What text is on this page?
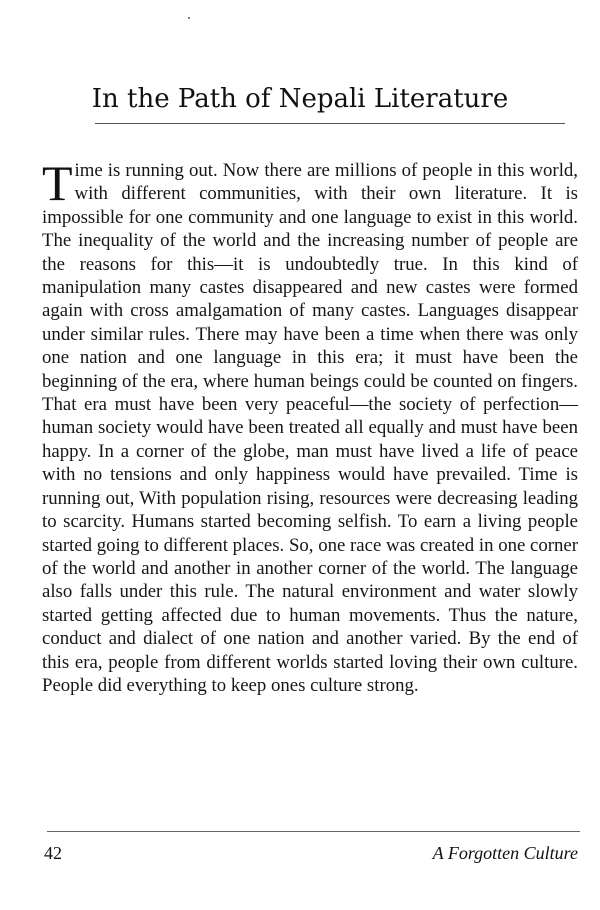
In the Path of Nepali Literature

Time is running out. Now there are millions of people in this world, with different communities, with their own literature. It is impossible for one community and one language to exist in this world. The inequality of the world and the increasing number of people are the reasons for this—it is undoubtedly true. In this kind of manipulation many castes disappeared and new castes were formed again with cross amalgamation of many castes. Languages disappear under similar rules. There may have been a time when there was only one nation and one language in this era; it must have been the beginning of the era, where human beings could be counted on fingers. That era must have been very peaceful—the society of perfection—human society would have been treated all equally and must have been happy. In a corner of the globe, man must have lived a life of peace with no tensions and only happiness would have prevailed. Time is running out, With population rising, resources were decreasing leading to scarcity. Humans started becoming selfish. To earn a living people started going to different places. So, one race was created in one corner of the world and another in another corner of the world. The language also falls under this rule. The natural environment and water slowly started getting affected due to human movements. Thus the nature, conduct and dialect of one nation and another varied. By the end of this era, people from different worlds started loving their own culture. People did everything to keep ones culture strong.

42	A Forgotten Culture
